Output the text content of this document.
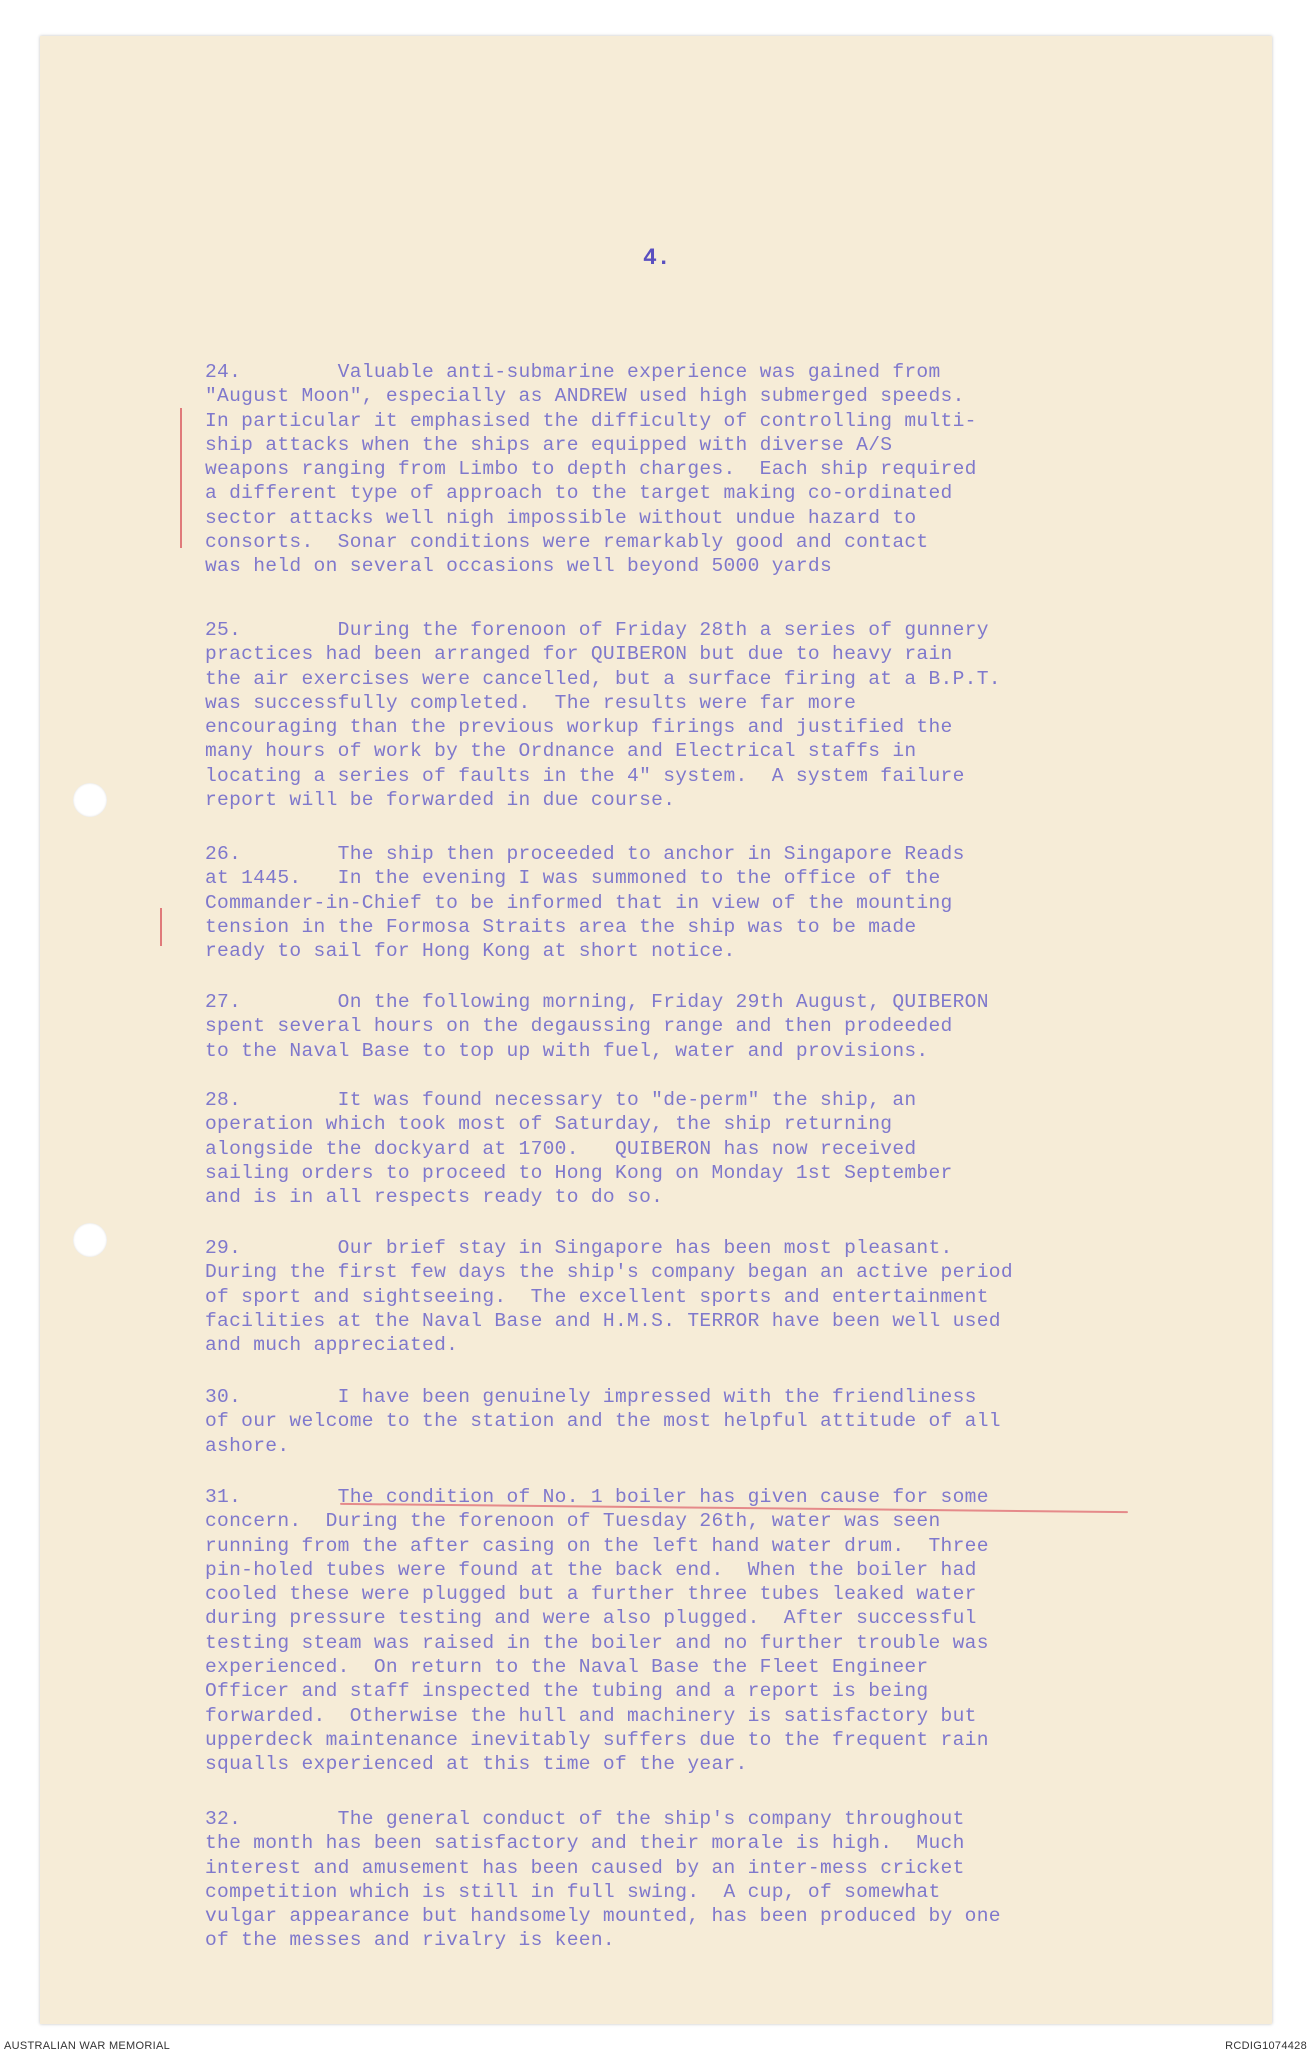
4.
24.        Valuable anti-submarine experience was gained from
"August Moon", especially as ANDREW used high submerged speeds.
In particular it emphasised the difficulty of controlling multi-
ship attacks when the ships are equipped with diverse A/S
weapons ranging from Limbo to depth charges.  Each ship required
a different type of approach to the target making co-ordinated
sector attacks well nigh impossible without undue hazard to
consorts.  Sonar conditions were remarkably good and contact
was held on several occasions well beyond 5000 yards
25.        During the forenoon of Friday 28th a series of gunnery
practices had been arranged for QUIBERON but due to heavy rain
the air exercises were cancelled, but a surface firing at a B.P.T.
was successfully completed.  The results were far more
encouraging than the previous workup firings and justified the
many hours of work by the Ordnance and Electrical staffs in
locating a series of faults in the 4" system.  A system failure
report will be forwarded in due course.
26.        The ship then proceeded to anchor in Singapore Reads
at 1445.   In the evening I was summoned to the office of the
Commander-in-Chief to be informed that in view of the mounting
tension in the Formosa Straits area the ship was to be made
ready to sail for Hong Kong at short notice.
27.        On the following morning, Friday 29th August, QUIBERON
spent several hours on the degaussing range and then prodeeded
to the Naval Base to top up with fuel, water and provisions.
28.        It was found necessary to "de-perm" the ship, an
operation which took most of Saturday, the ship returning
alongside the dockyard at 1700.   QUIBERON has now received
sailing orders to proceed to Hong Kong on Monday 1st September
and is in all respects ready to do so.
29.        Our brief stay in Singapore has been most pleasant.
During the first few days the ship's company began an active period
of sport and sightseeing.  The excellent sports and entertainment
facilities at the Naval Base and H.M.S. TERROR have been well used
and much appreciated.
30.        I have been genuinely impressed with the friendliness
of our welcome to the station and the most helpful attitude of all
ashore.
31.        The condition of No. 1 boiler has given cause for some
concern.  During the forenoon of Tuesday 26th, water was seen
running from the after casing on the left hand water drum.  Three
pin-holed tubes were found at the back end.  When the boiler had
cooled these were plugged but a further three tubes leaked water
during pressure testing and were also plugged.  After successful
testing steam was raised in the boiler and no further trouble was
experienced.  On return to the Naval Base the Fleet Engineer
Officer and staff inspected the tubing and a report is being
forwarded.  Otherwise the hull and machinery is satisfactory but
upperdeck maintenance inevitably suffers due to the frequent rain
squalls experienced at this time of the year.
32.        The general conduct of the ship's company throughout
the month has been satisfactory and their morale is high.  Much
interest and amusement has been caused by an inter-mess cricket
competition which is still in full swing.  A cup, of somewhat
vulgar appearance but handsomely mounted, has been produced by one
of the messes and rivalry is keen.
AUSTRALIAN WAR MEMORIAL	RCDIG1074428
